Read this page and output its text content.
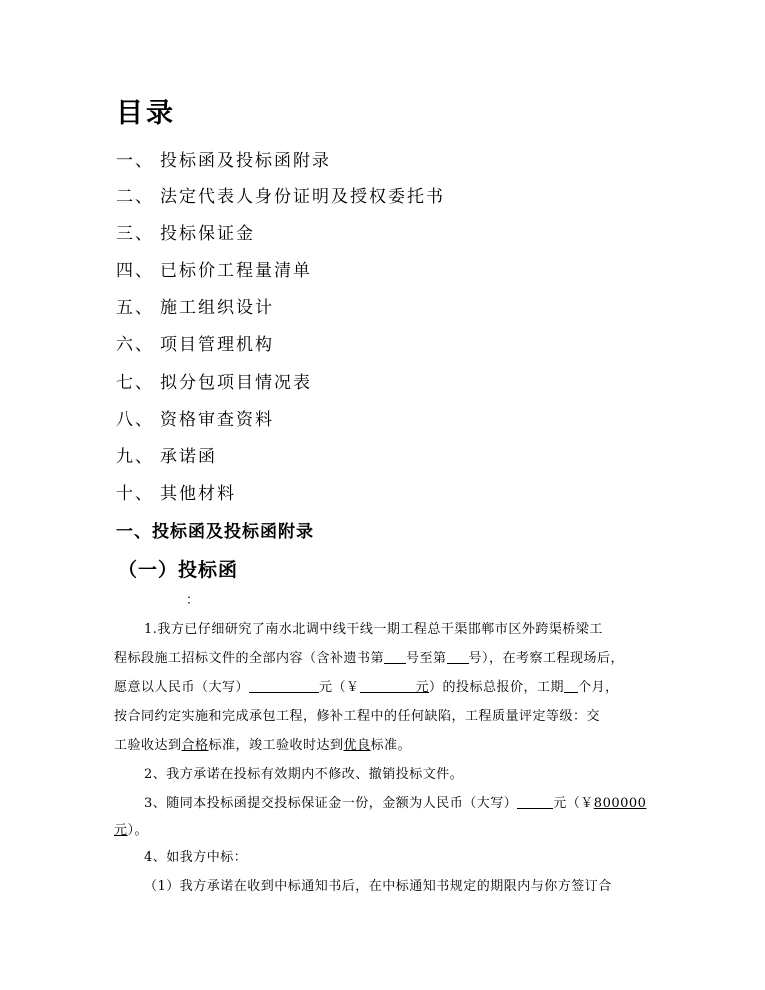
目录
一、 投标函及投标函附录
二、 法定代表人身份证明及授权委托书
三、 投标保证金
四、 已标价工程量清单
五、 施工组织设计
六、 项目管理机构
七、 拟分包项目情况表
八、 资格审查资料
九、 承诺函
十、 其他材料
一、投标函及投标函附录
（一）投标函
：
1.我方已仔细研究了南水北调中线干线一期工程总干渠邯郸市区外跨渠桥梁工
程标段施工招标文件的全部内容（含补遗书第 号至第 号），在考察工程现场后，
愿意以人民币（大写）	元（￥	元）的投标总报价，工期 个月，
按合同约定实施和完成承包工程，修补工程中的任何缺陷，工程质量评定等级：交
工验收达到合格标准，竣工验收时达到优良标准。
2、我方承诺在投标有效期内不修改、撤销投标文件。
3、随同本投标函提交投标保证金一份，金额为人民币（大写）	元（￥800000
元）。
4、如我方中标：
（1）我方承诺在收到中标通知书后，在中标通知书规定的期限内与你方签订合
